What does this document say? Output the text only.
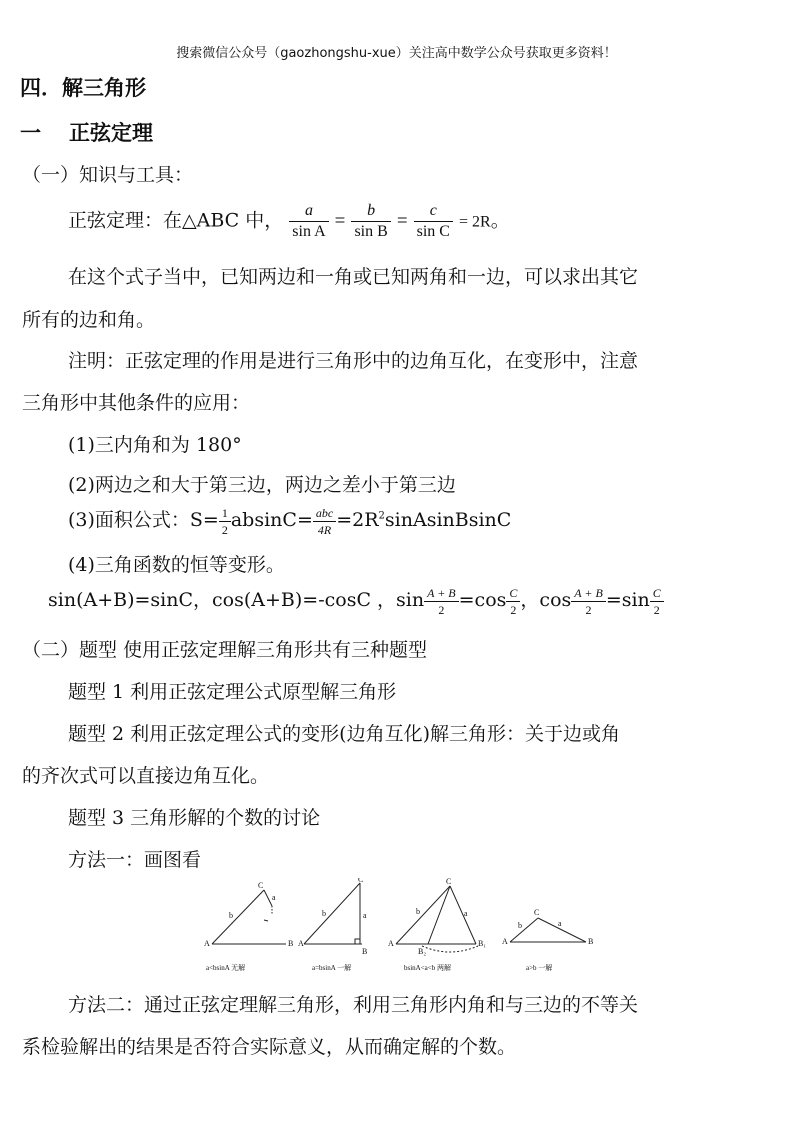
搜索微信公众号（gaozhongshu-xue）关注高中数学公众号获取更多资料！
四．解三角形
一 正弦定理
（一）知识与工具：
正弦定理：在△ABC 中， $\frac{a}{\text{sin A}} = \frac{b}{\text{sin B}} = \frac{c}{\text{sin C}} = 2R$。
在这个式子当中，已知两边和一角或已知两角和一边，可以求出其它
所有的边和角。
注明：正弦定理的作用是进行三角形中的边角互化，在变形中，注意
三角形中其他条件的应用：
(1)三内角和为 180°
(2)两边之和大于第三边，两边之差小于第三边
(3)面积公式：$S= \frac{1}{2} absinC= \frac{\text{abc}}{4R}$ $=2R^2sinAsinBsinC$
(4)三角函数的恒等变形。
sin(A+B)=sinC，cos(A+B)=-cosC ，$\sin \frac{A + B}{2} =\cos \frac{C}{2}$ ，$\cos \frac{A + B}{2} =\sin \frac{C}{2}$
（二）题型 使用正弦定理解三角形共有三种题型
题型 1 利用正弦定理公式原型解三角形
题型 2 利用正弦定理公式的变形(边角互化)解三角形：关于边或角
的齐次式可以直接边角互化。
题型 3 三角形解的个数的讨论
方法一：画图看
A	B
C
b
a
a<bsinA 无解
A
B
C
b	a
a=bsinA 一解
A	B₁
B₂
C
b	a
bsinA<a<b 两解
A	B
C
b	a
a>b 一解
方法二：通过正弦定理解三角形，利用三角形内角和与三边的不等关
系检验解出的结果是否符合实际意义，从而确定解的个数。
